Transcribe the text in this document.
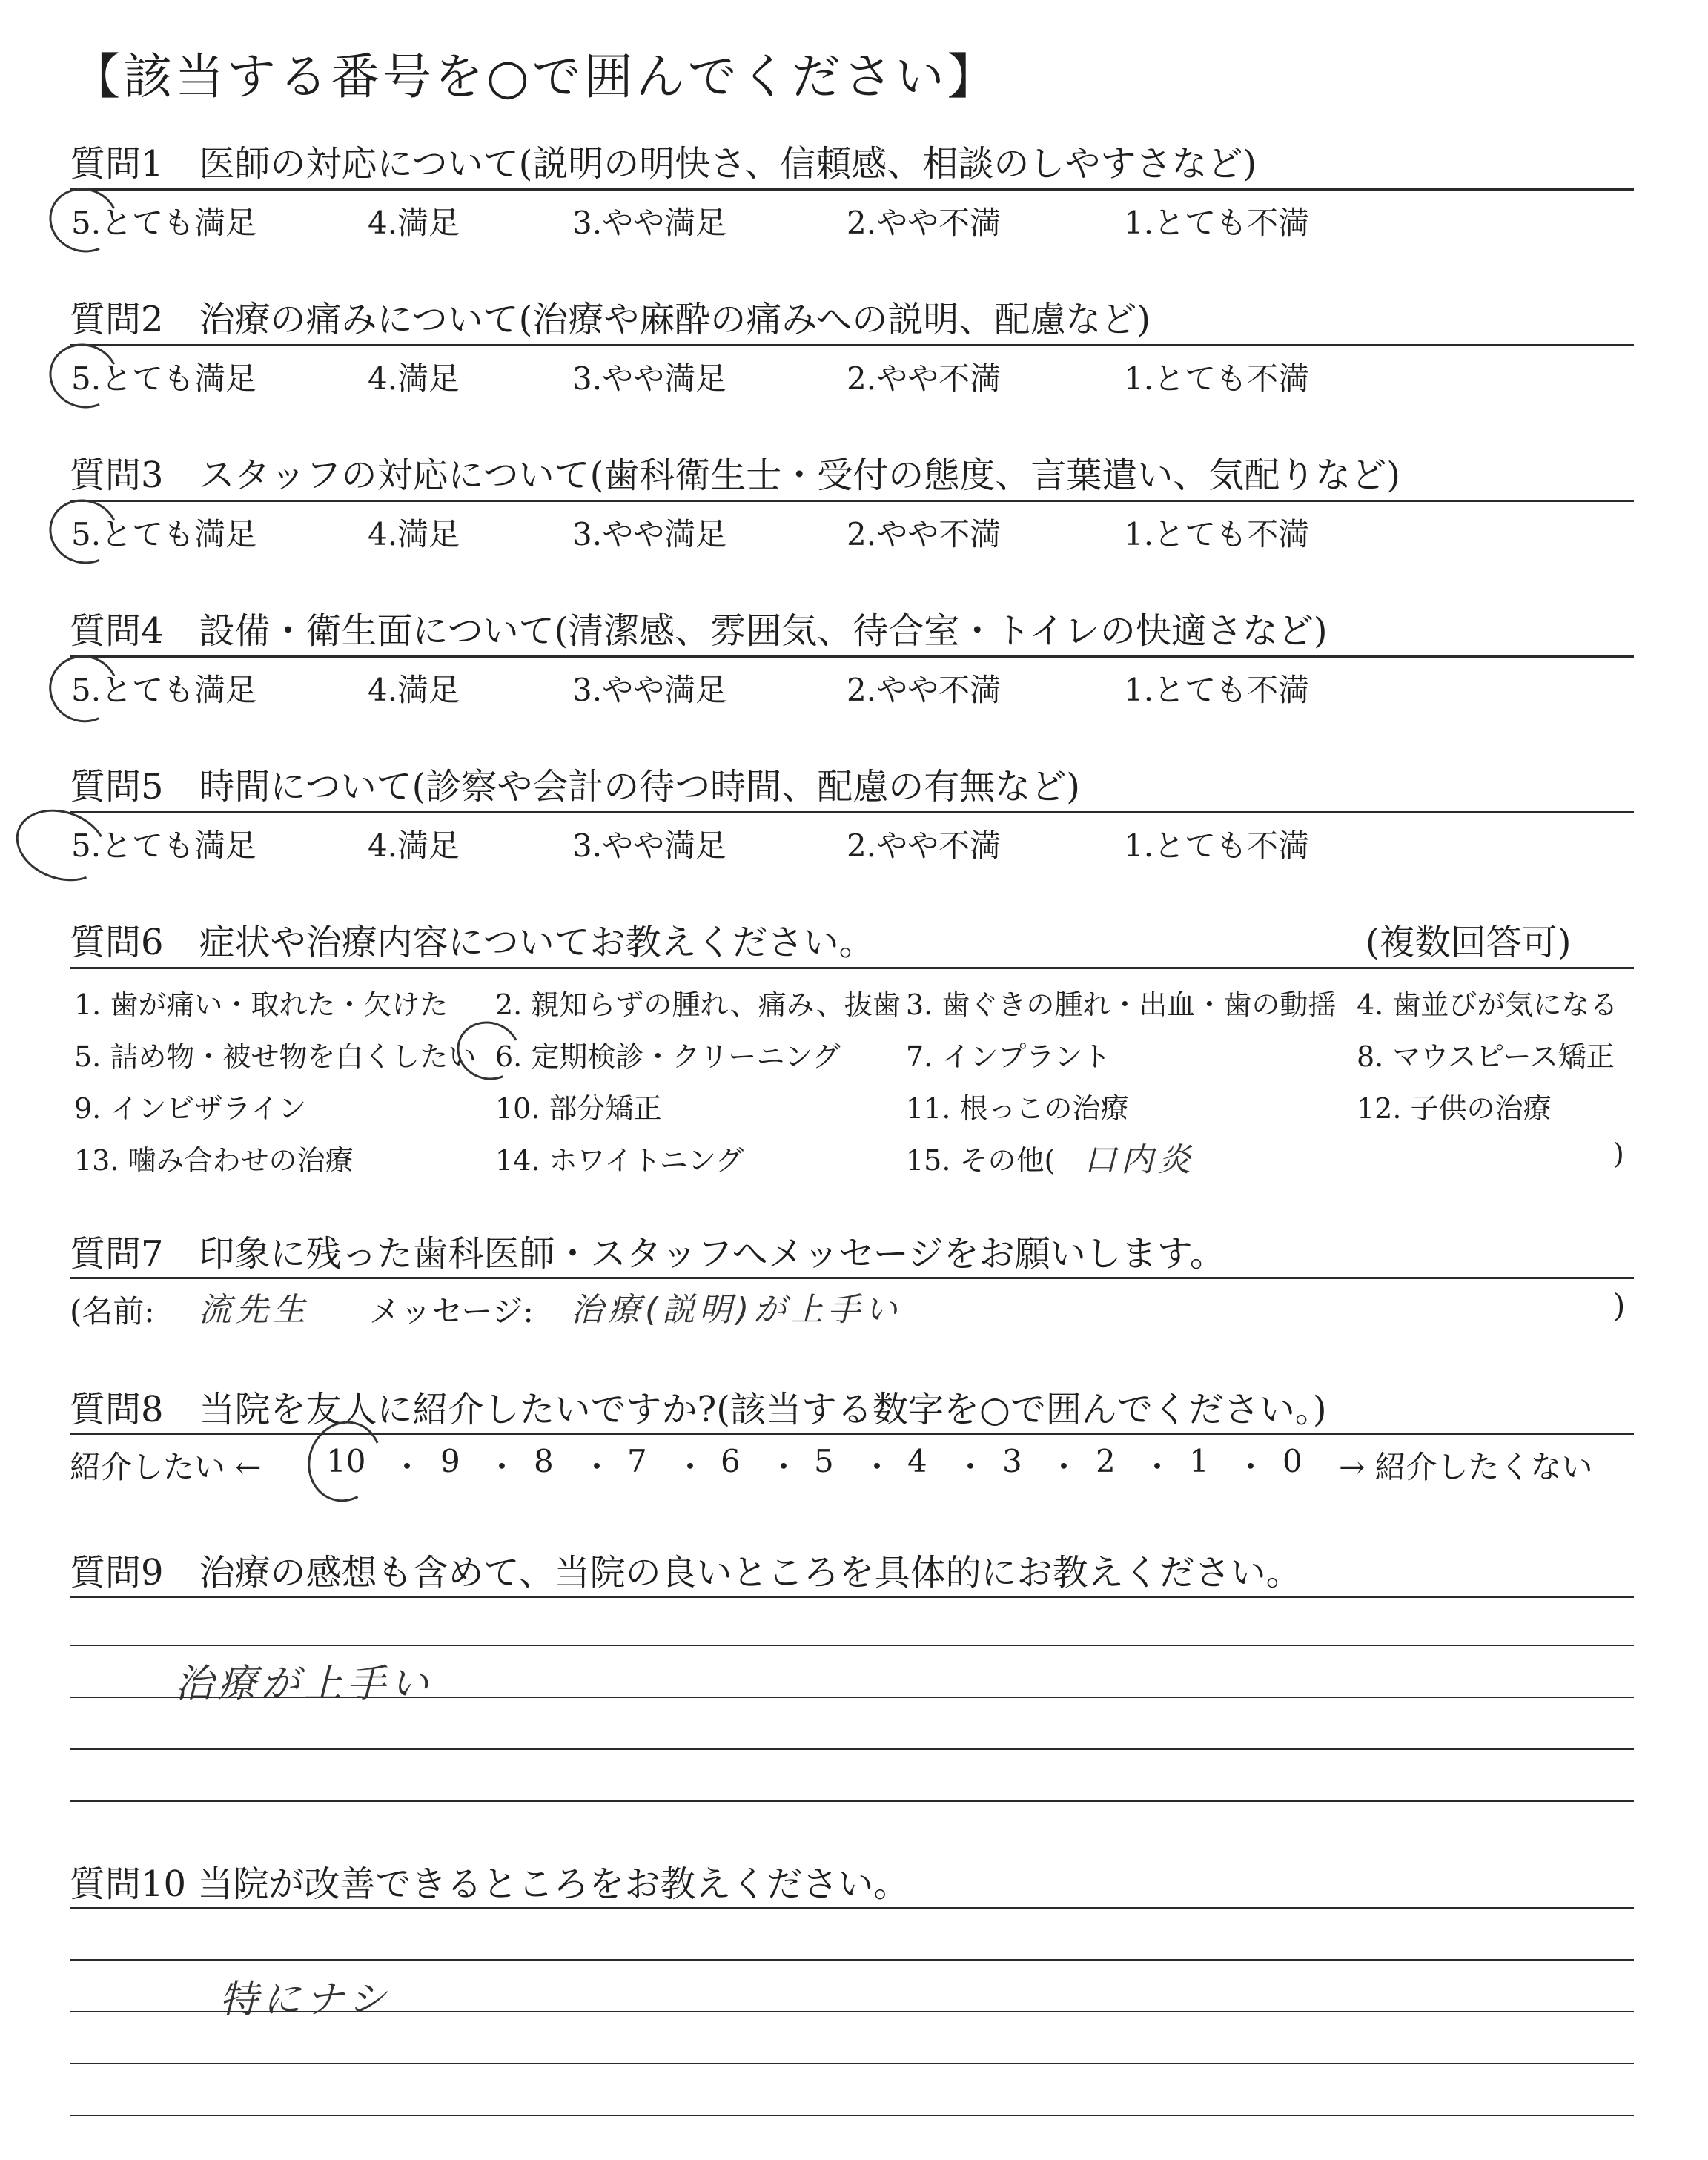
【該当する番号を○で囲んでください】
質問1　医師の対応について(説明の明快さ、信頼感、相談のしやすさなど)
5.とても満足	4.満足	3.やや満足	2.やや不満	1.とても不満
質問2　治療の痛みについて(治療や麻酔の痛みへの説明、配慮など)
5.とても満足	4.満足	3.やや満足	2.やや不満	1.とても不満
質問3　スタッフの対応について(歯科衛生士・受付の態度、言葉遣い、気配りなど)
5.とても満足	4.満足	3.やや満足	2.やや不満	1.とても不満
質問4　設備・衛生面について(清潔感、雰囲気、待合室・トイレの快適さなど)
5.とても満足	4.満足	3.やや満足	2.やや不満	1.とても不満
質問5　時間について(診察や会計の待つ時間、配慮の有無など)
5.とても満足	4.満足	3.やや満足	2.やや不満	1.とても不満
質問6　症状や治療内容についてお教えください。	(複数回答可)
1. 歯が痛い・取れた・欠けた 2. 親知らずの腫れ、痛み、抜歯 3. 歯ぐきの腫れ・出血・歯の動揺 4. 歯並びが気になる
5. 詰め物・被せ物を白くしたい 6. 定期検診・クリーニング 7. インプラント	8. マウスピース矯正
9. インビザライン	10. 部分矯正	11. 根っこの治療	12. 子供の治療
13. 噛み合わせの治療	14. ホワイトニング	15. その他( 口内炎	)
質問7　印象に残った歯科医師・スタッフへメッセージをお願いします。
(名前: 流先生 メッセージ: 治療(説明)が上手い	)
質問8　当院を友人に紹介したいですか?(該当する数字を○で囲んでください。)
紹介したい ← 10 ・ 9 ・ 8 ・ 7 ・ 6 ・ 5 ・ 4 ・ 3 ・ 2 ・ 1 ・ 0 → 紹介したくない
質問9　治療の感想も含めて、当院の良いところを具体的にお教えください。
治療が上手い
質問10 当院が改善できるところをお教えください。
特にナシ
